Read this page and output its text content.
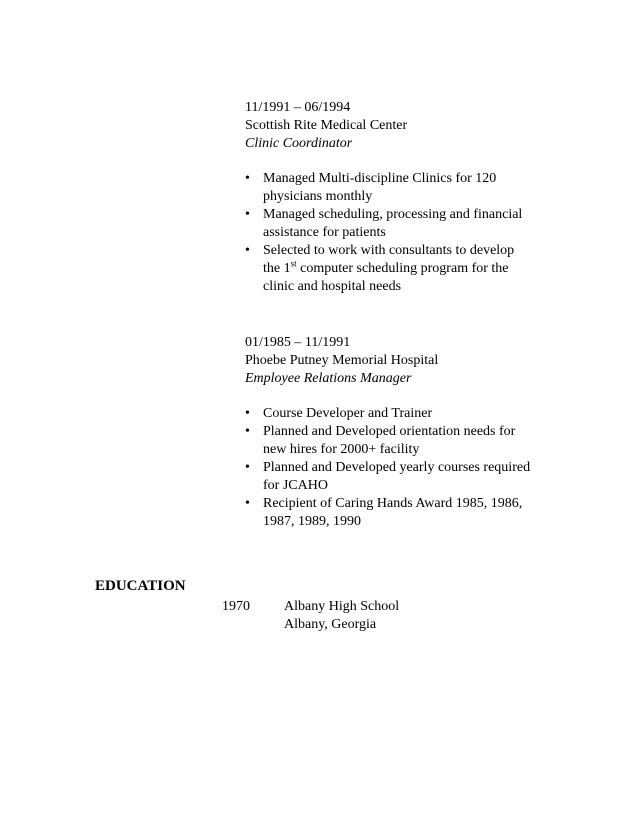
11/1991 – 06/1994
Scottish Rite Medical Center
Clinic Coordinator
• Managed Multi-discipline Clinics for 120
physicians monthly
• Managed scheduling, processing and financial
assistance for patients
• Selected to work with consultants to develop
the 1st computer scheduling program for the
clinic and hospital needs
01/1985 – 11/1991
Phoebe Putney Memorial Hospital
Employee Relations Manager
• Course Developer and Trainer
• Planned and Developed orientation needs for
new hires for 2000+ facility
• Planned and Developed yearly courses required
for JCAHO
• Recipient of Caring Hands Award 1985, 1986,
1987, 1989, 1990
EDUCATION
1970 Albany High School
Albany, Georgia
